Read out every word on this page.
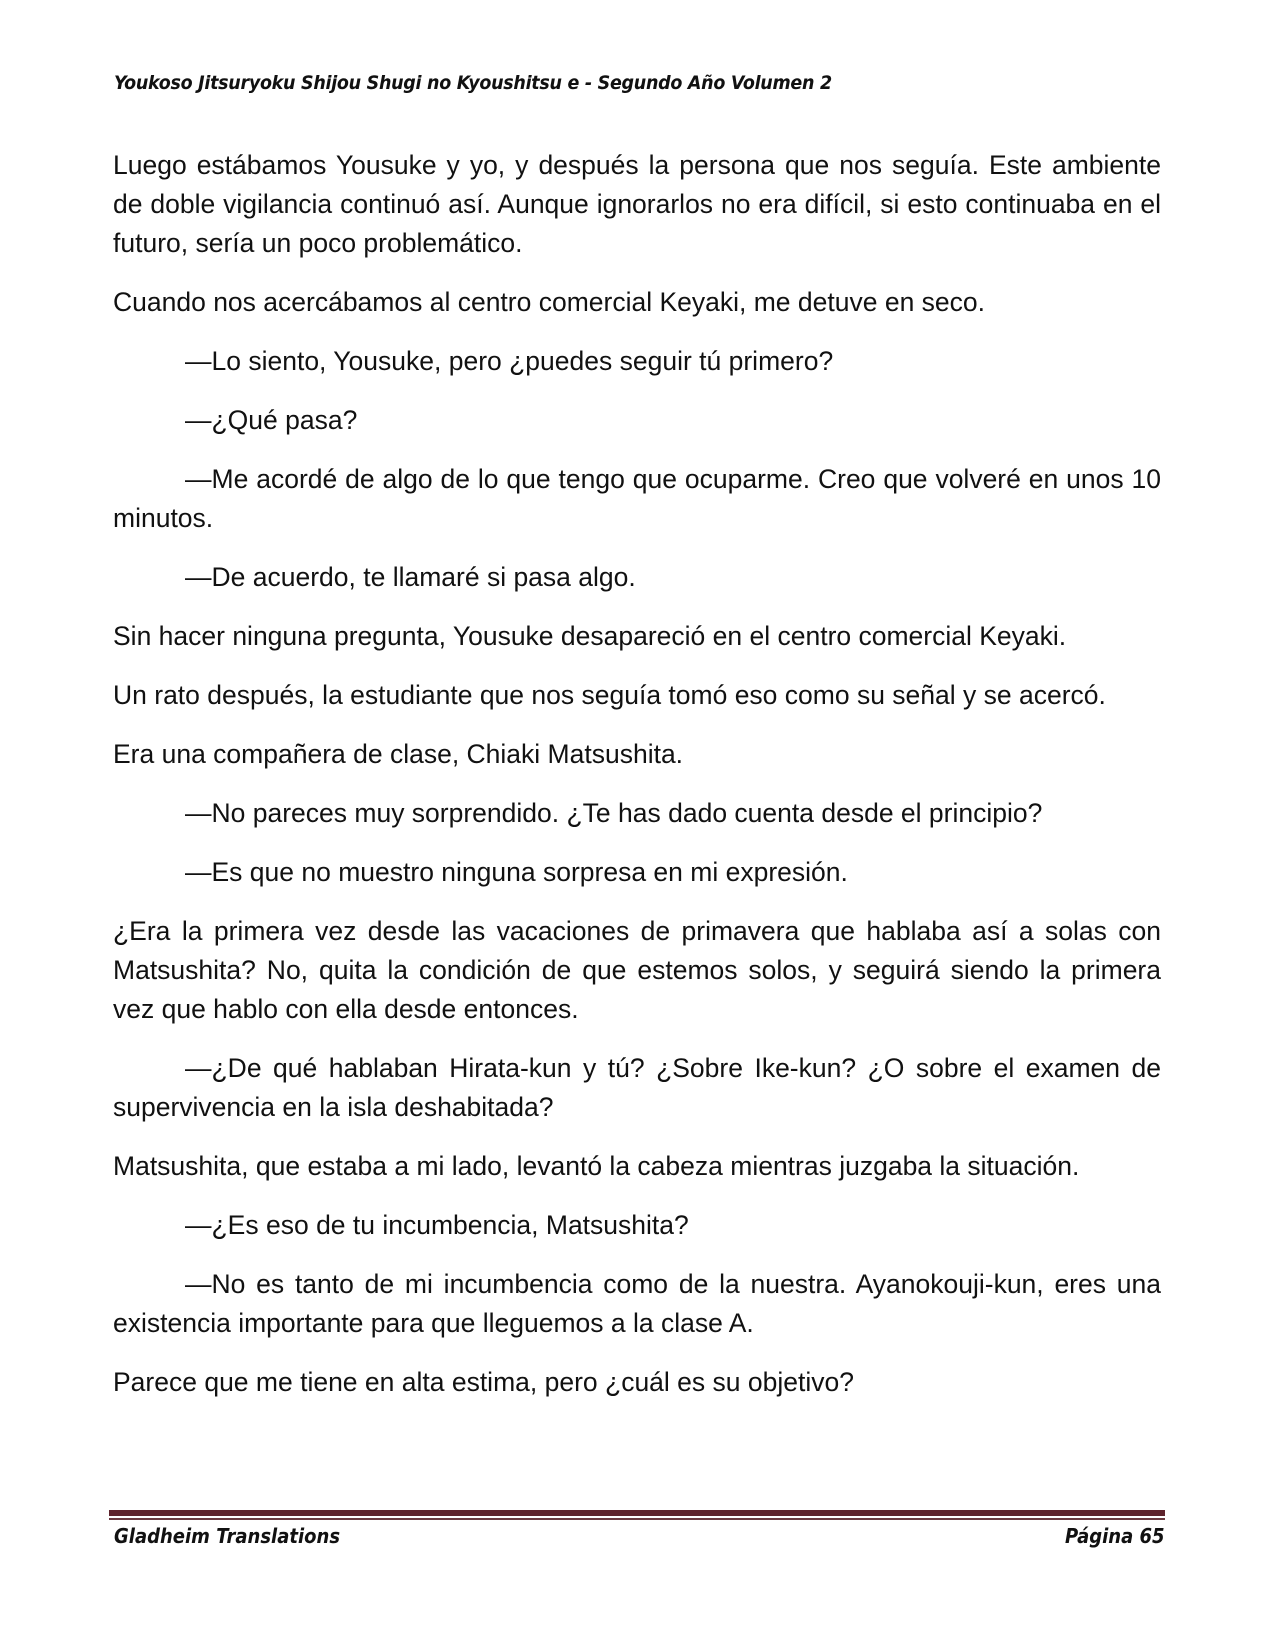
Youkoso Jitsuryoku Shijou Shugi no Kyoushitsu e - Segundo Año Volumen 2

Luego estábamos Yousuke y yo, y después la persona que nos seguía. Este ambiente de doble vigilancia continuó así. Aunque ignorarlos no era difícil, si esto continuaba en el futuro, sería un poco problemático.

Cuando nos acercábamos al centro comercial Keyaki, me detuve en seco.

—Lo siento, Yousuke, pero ¿puedes seguir tú primero?

—¿Qué pasa?

—Me acordé de algo de lo que tengo que ocuparme. Creo que volveré en unos 10 minutos.

—De acuerdo, te llamaré si pasa algo.

Sin hacer ninguna pregunta, Yousuke desapareció en el centro comercial Keyaki.

Un rato después, la estudiante que nos seguía tomó eso como su señal y se acercó.

Era una compañera de clase, Chiaki Matsushita.

—No pareces muy sorprendido. ¿Te has dado cuenta desde el principio?

—Es que no muestro ninguna sorpresa en mi expresión.

¿Era la primera vez desde las vacaciones de primavera que hablaba así a solas con Matsushita? No, quita la condición de que estemos solos, y seguirá siendo la primera vez que hablo con ella desde entonces.

—¿De qué hablaban Hirata-kun y tú? ¿Sobre Ike-kun? ¿O sobre el examen de supervivencia en la isla deshabitada?

Matsushita, que estaba a mi lado, levantó la cabeza mientras juzgaba la situación.

—¿Es eso de tu incumbencia, Matsushita?

—No es tanto de mi incumbencia como de la nuestra. Ayanokouji-kun, eres una existencia importante para que lleguemos a la clase A.

Parece que me tiene en alta estima, pero ¿cuál es su objetivo?

Gladheim Translations	Página 65
